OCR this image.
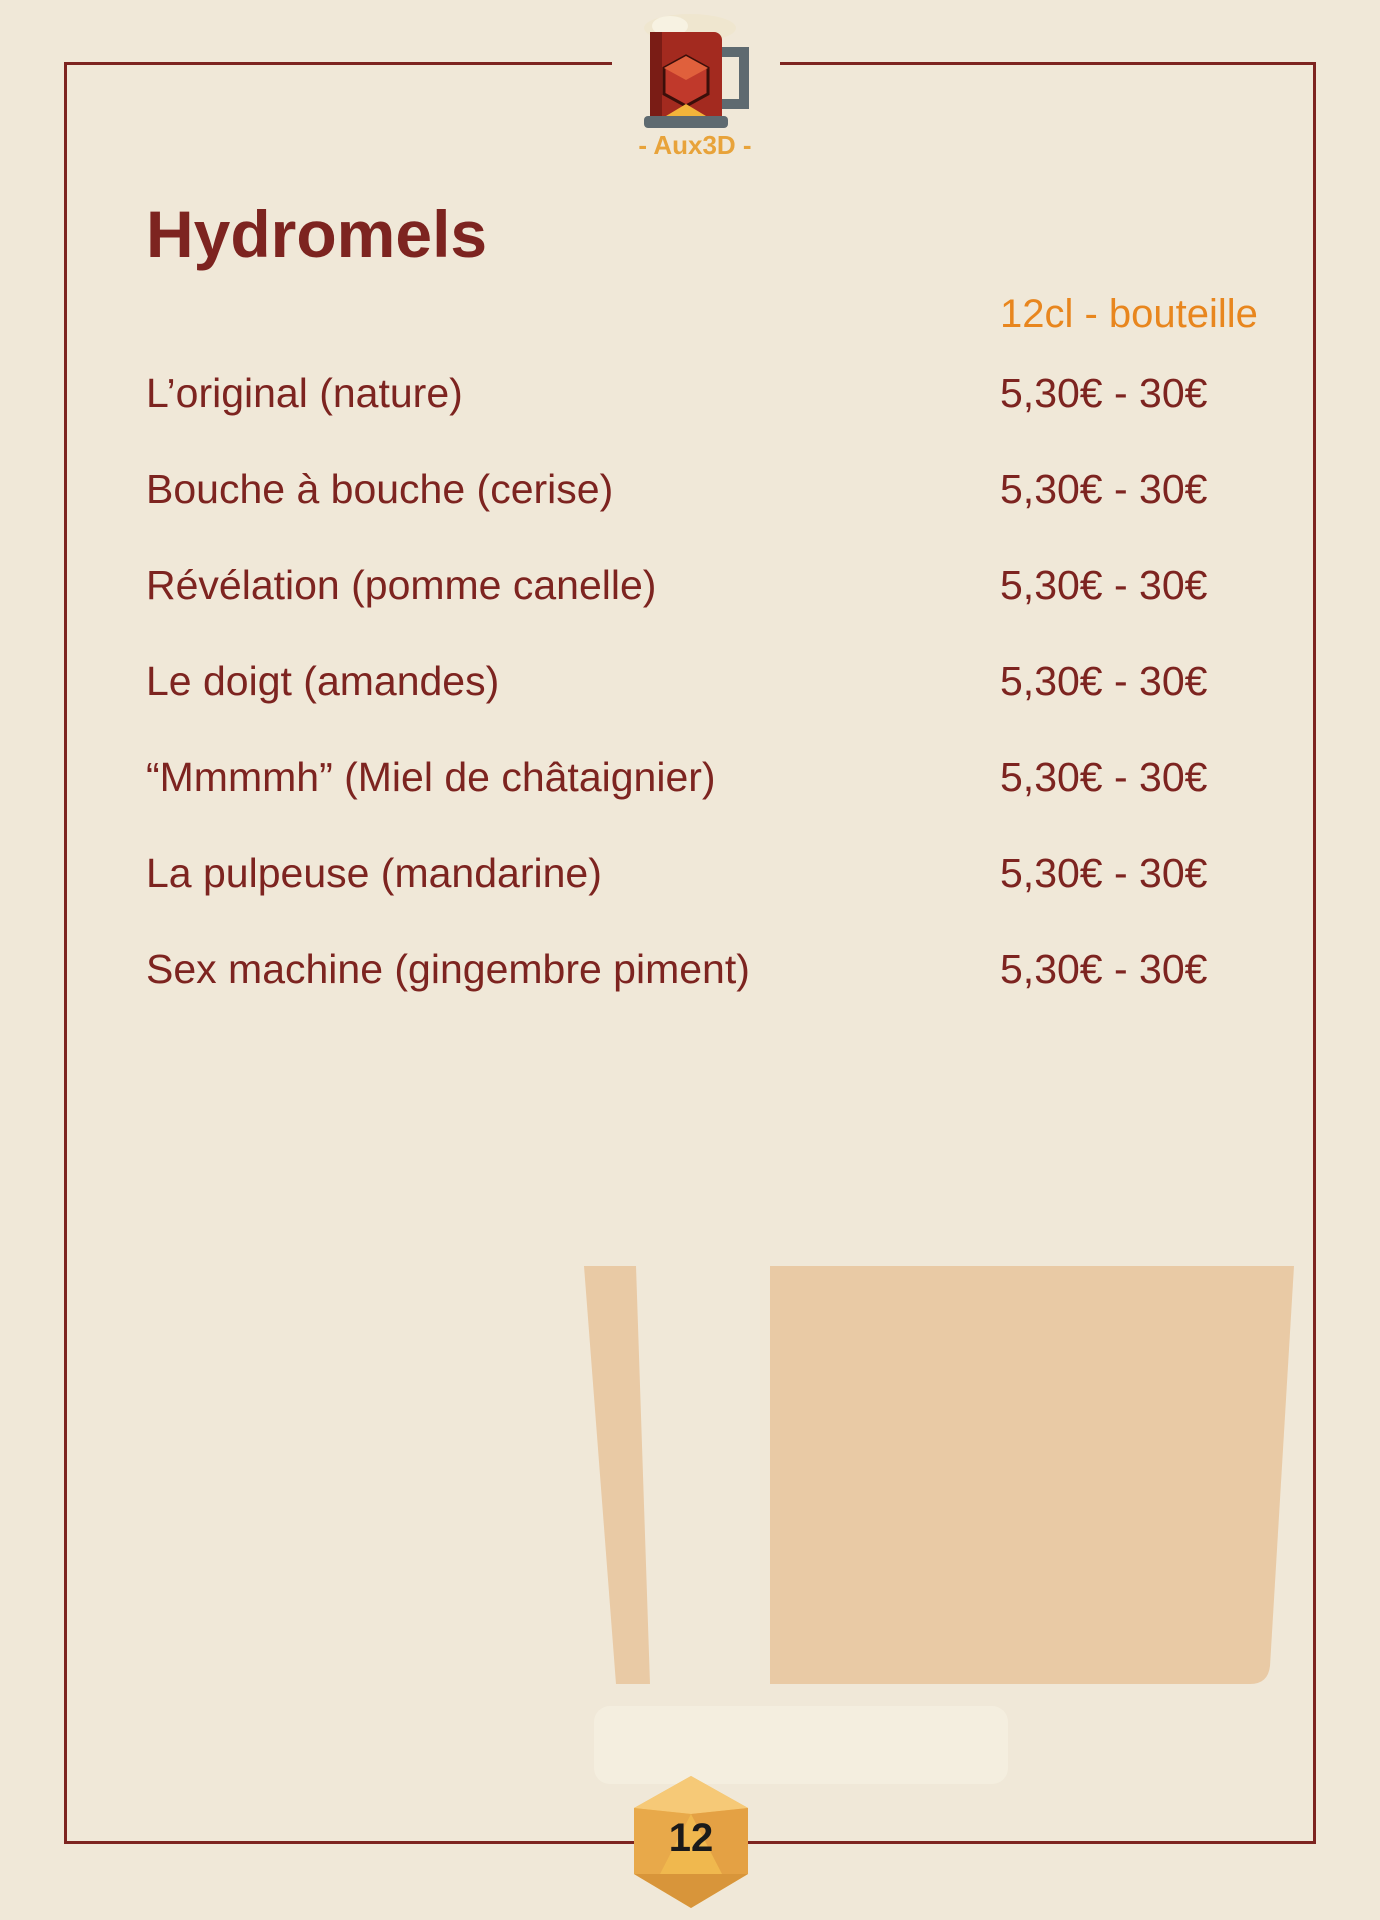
- Aux3D -
Hydromels
12cl - bouteille
L’original (nature)	5,30€ - 30€
Bouche à bouche (cerise)	5,30€ - 30€
Révélation (pomme canelle)	5,30€ - 30€
Le doigt (amandes)	5,30€ - 30€
“Mmmmh” (Miel de châtaignier)	5,30€ - 30€
La pulpeuse (mandarine)	5,30€ - 30€
Sex machine (gingembre piment)	5,30€ - 30€
12
